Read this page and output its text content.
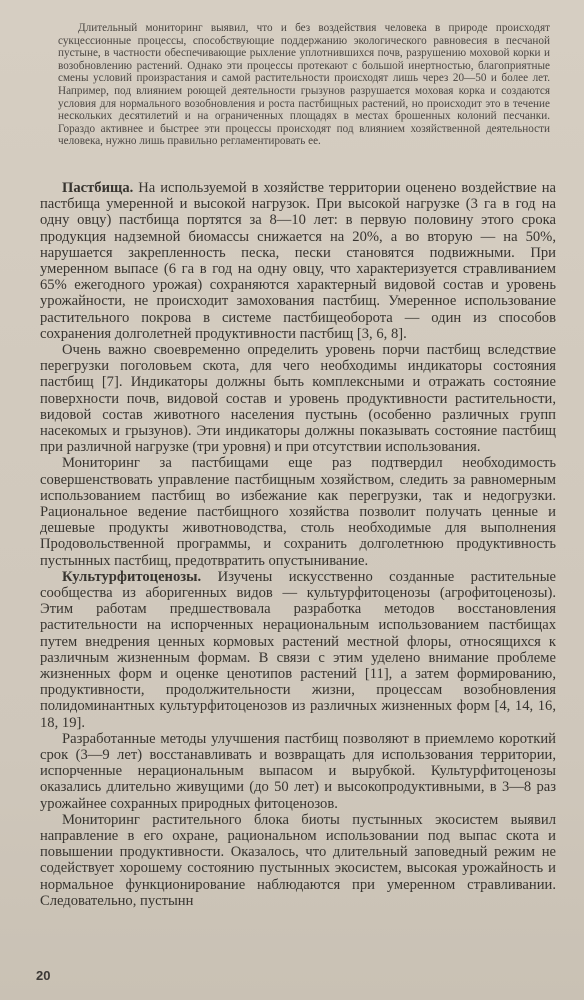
Длительный мониторинг выявил, что и без воздействия человека в природе происходят сукцессионные процессы, способствующие поддержанию экологического равновесия в песчаной пустыне, в частности обеспечивающие рыхление уплотнившихся почв, разрушению моховой корки и возобновлению растений. Однако эти процессы протекают с большой инертностью, благоприятные смены условий произрастания и самой растительности происходят лишь через 20—50 и более лет. Например, под влиянием роющей деятельности грызунов разрушается моховая корка и создаются условия для нормального возобновления и роста пастбищных растений, но происходит это в течение нескольких десятилетий и на ограниченных площадях в местах брошенных колоний песчанки. Гораздо активнее и быстрее эти процессы происходят под влиянием хозяйственной деятельности человека, нужно лишь правильно регламентировать ее.

Пастбища. На используемой в хозяйстве территории оценено воздействие на пастбища умеренной и высокой нагрузок. При высокой нагрузке (3 га в год на одну овцу) пастбища портятся за 8—10 лет: в первую половину этого срока продукция надземной биомассы снижается на 20%, а во вторую — на 50%, нарушается закрепленность песка, пески становятся подвижными. При умеренном выпасе (6 га в год на одну овцу, что характеризуется стравливанием 65% ежегодного урожая) сохраняются характерный видовой состав и уровень урожайности, не происходит замохования пастбищ. Умеренное использование растительного покрова в системе пастбищеоборота — один из способов сохранения долголетней продуктивности пастбищ [3, 6, 8].

Очень важно своевременно определить уровень порчи пастбищ вследствие перегрузки поголовьем скота, для чего необходимы индикаторы состояния пастбищ [7]. Индикаторы должны быть комплексными и отражать состояние поверхности почв, видовой состав и уровень продуктивности растительности, видовой состав животного населения пустынь (особенно различных групп насекомых и грызунов). Эти индикаторы должны показывать состояние пастбищ при различной нагрузке (три уровня) и при отсутствии использования.

Мониторинг за пастбищами еще раз подтвердил необходимость совершенствовать управление пастбищным хозяйством, следить за равномерным использованием пастбищ во избежание как перегрузки, так и недогрузки. Рациональное ведение пастбищного хозяйства позволит получать ценные и дешевые продукты животноводства, столь необходимые для выполнения Продовольственной программы, и сохранить долголетнюю продуктивность пустынных пастбищ, предотвратить опустынивание.

Культурфитоценозы. Изучены искусственно созданные растительные сообщества из аборигенных видов — культурфитоценозы (агрофитоценозы). Этим работам предшествовала разработка методов восстановления растительности на испорченных нерациональным использованием пастбищах путем внедрения ценных кормовых растений местной флоры, относящихся к различным жизненным формам. В связи с этим уделено внимание проблеме жизненных форм и оценке ценотипов растений [11], а затем формированию, продуктивности, продолжительности жизни, процессам возобновления полидоминантных культурфитоценозов из различных жизненных форм [4, 14, 16, 18, 19].

Разработанные методы улучшения пастбищ позволяют в приемлемо короткий срок (3—9 лет) восстанавливать и возвращать для использования территории, испорченные нерациональным выпасом и вырубкой. Культурфитоценозы оказались длительно живущими (до 50 лет) и высокопродуктивными, в 3—8 раз урожайнее сохранных природных фитоценозов.

Мониторинг растительного блока биоты пустынных экосистем выявил направление в его охране, рациональном использовании под выпас скота и повышении продуктивности. Оказалось, что длительный заповедный режим не содействует хорошему состоянию пустынных экосистем, высокая урожайность и нормальное функционирование наблюдаются при умеренном стравливании. Следовательно, пустынн

20
